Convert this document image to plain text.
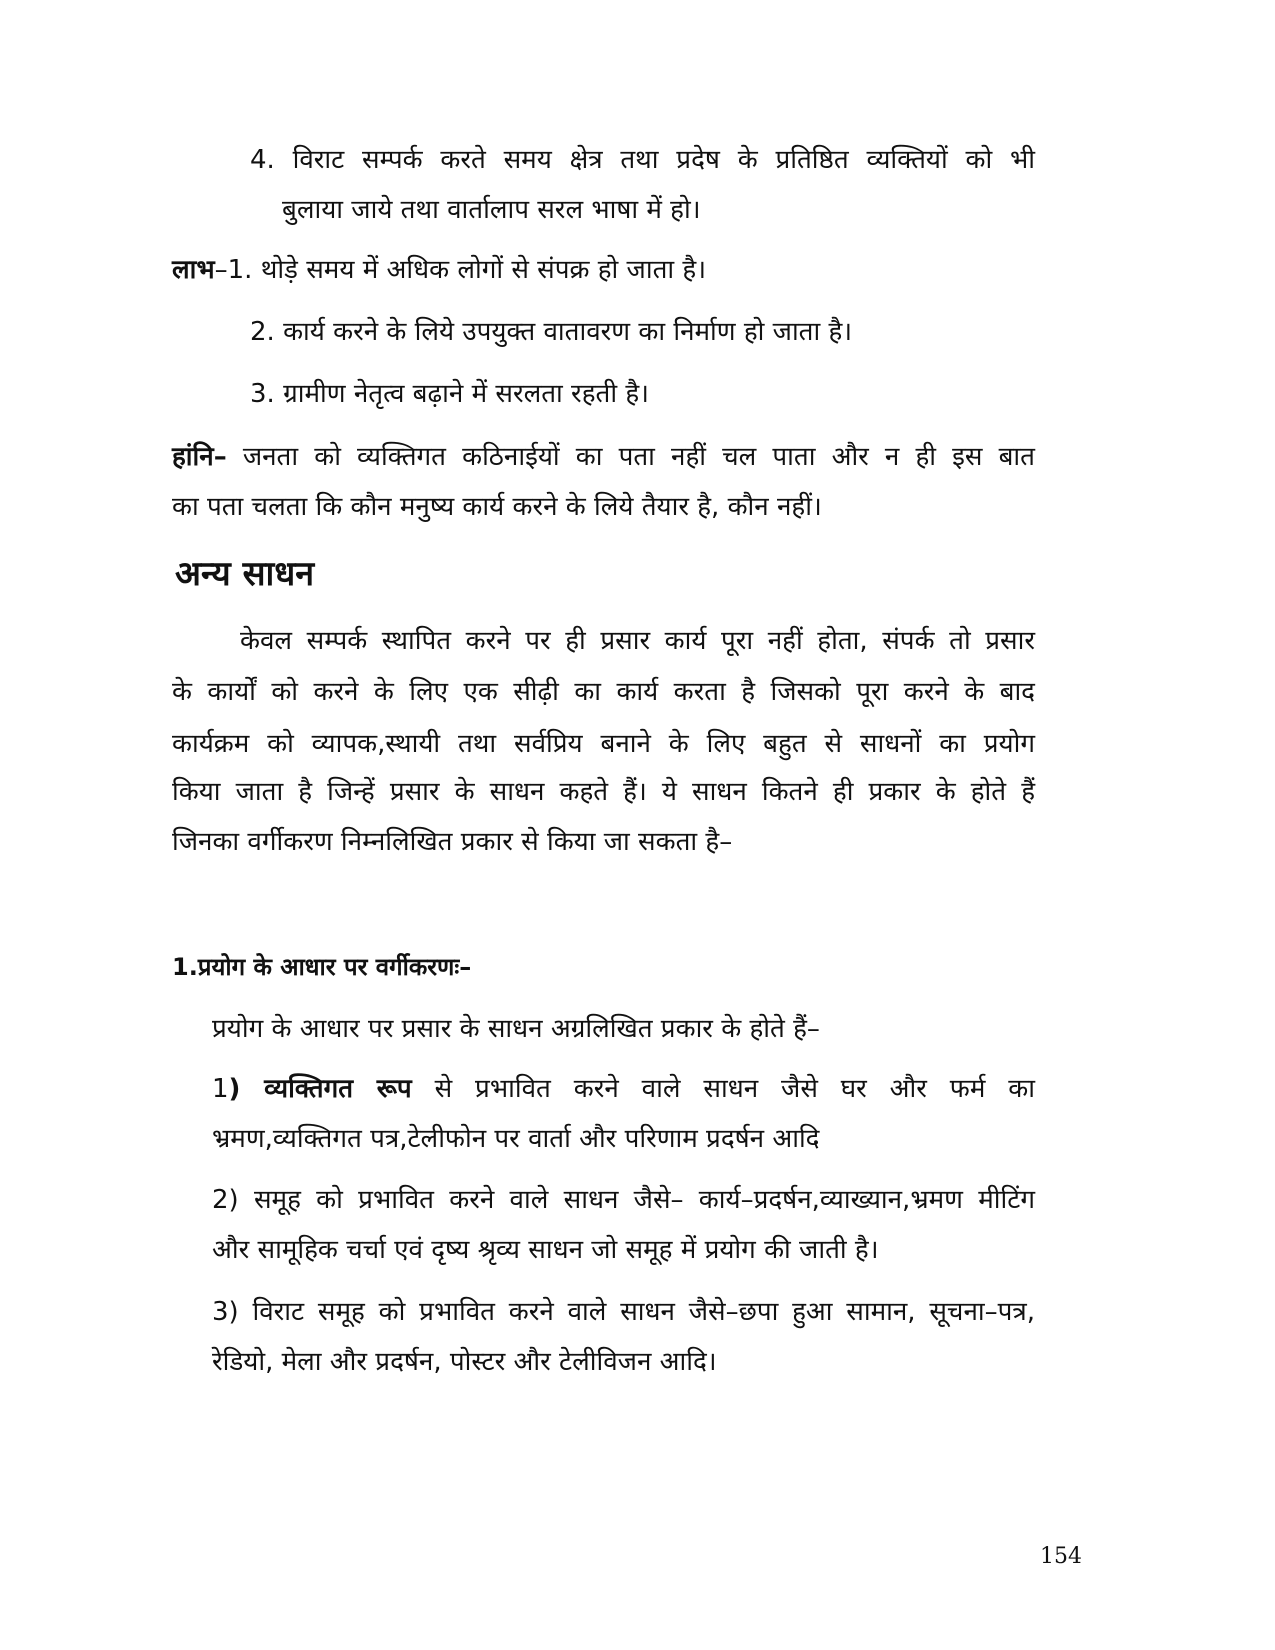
4. विराट सम्पर्क करते समय क्षेत्र तथा प्रदेष के प्रतिष्ठित व्यक्तियों को भी
बुलाया जाये तथा वार्तालाप सरल भाषा में हो।
लाभ–1. थोड़े समय में अधिक लोगों से संपक्र हो जाता है।
2. कार्य करने के लिये उपयुक्त वातावरण का निर्माण हो जाता है।
3. ग्रामीण नेतृत्व बढ़ाने में सरलता रहती है।
हांनि– जनता को व्यक्तिगत कठिनाईयों का पता नहीं चल पाता और न ही इस बात
का पता चलता कि कौन मनुष्य कार्य करने के लिये तैयार है, कौन नहीं।
अन्य साधन
केवल सम्पर्क स्थापित करने पर ही प्रसार कार्य पूरा नहीं होता, संपर्क तो प्रसार
के कार्यों को करने के लिए एक सीढ़ी का कार्य करता है जिसको पूरा करने के बाद
कार्यक्रम को व्यापक,स्थायी तथा सर्वप्रिय बनाने के लिए बहुत से साधनों का प्रयोग
किया जाता है जिन्हें प्रसार के साधन कहते हैं। ये साधन कितने ही प्रकार के होते हैं
जिनका वर्गीकरण निम्नलिखित प्रकार से किया जा सकता है–
1.प्रयोग के आधार पर वर्गीकरणः–
प्रयोग के आधार पर प्रसार के साधन अग्रलिखित प्रकार के होते हैं–
1) व्यक्तिगत रूप से प्रभावित करने वाले साधन जैसे घर और फर्म का
भ्रमण,व्यक्तिगत पत्र,टेलीफोन पर वार्ता और परिणाम प्रदर्षन आदि
2) समूह को प्रभावित करने वाले साधन जैसे– कार्य–प्रदर्षन,व्याख्यान,भ्रमण मीटिंग
और सामूहिक चर्चा एवं दृष्य श्रृव्य साधन जो समूह में प्रयोग की जाती है।
3) विराट समूह को प्रभावित करने वाले साधन जैसे–छपा हुआ सामान, सूचना–पत्र,
रेडियो, मेला और प्रदर्षन, पोस्टर और टेलीविजन आदि।
154
